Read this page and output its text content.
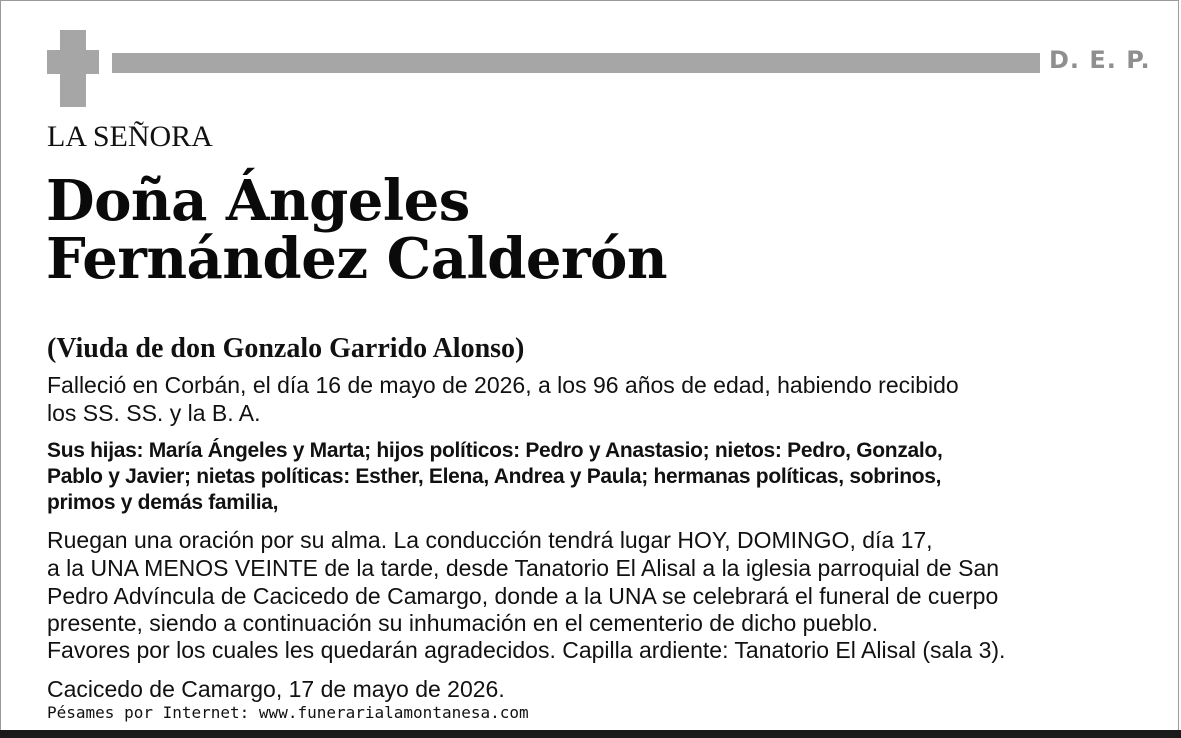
D. E. P.
LA SEÑORA
Doña Ángeles
Fernández Calderón
(Viuda de don Gonzalo Garrido Alonso)
Falleció en Corbán, el día 16 de mayo de 2026, a los 96 años de edad, habiendo recibido
los SS. SS. y la B. A.
Sus hijas: María Ángeles y Marta; hijos políticos: Pedro y Anastasio; nietos: Pedro, Gonzalo,
Pablo y Javier; nietas políticas: Esther, Elena, Andrea y Paula; hermanas políticas, sobrinos,
primos y demás familia,
Ruegan una oración por su alma. La conducción tendrá lugar HOY, DOMINGO, día 17,
a la UNA MENOS VEINTE de la tarde, desde Tanatorio El Alisal a la iglesia parroquial de San
Pedro Advíncula de Cacicedo de Camargo, donde a la UNA se celebrará el funeral de cuerpo
presente, siendo a continuación su inhumación en el cementerio de dicho pueblo.
Favores por los cuales les quedarán agradecidos. Capilla ardiente: Tanatorio El Alisal (sala 3).
Cacicedo de Camargo, 17 de mayo de 2026.
Pésames por Internet: www.funerarialamontanesa.com
